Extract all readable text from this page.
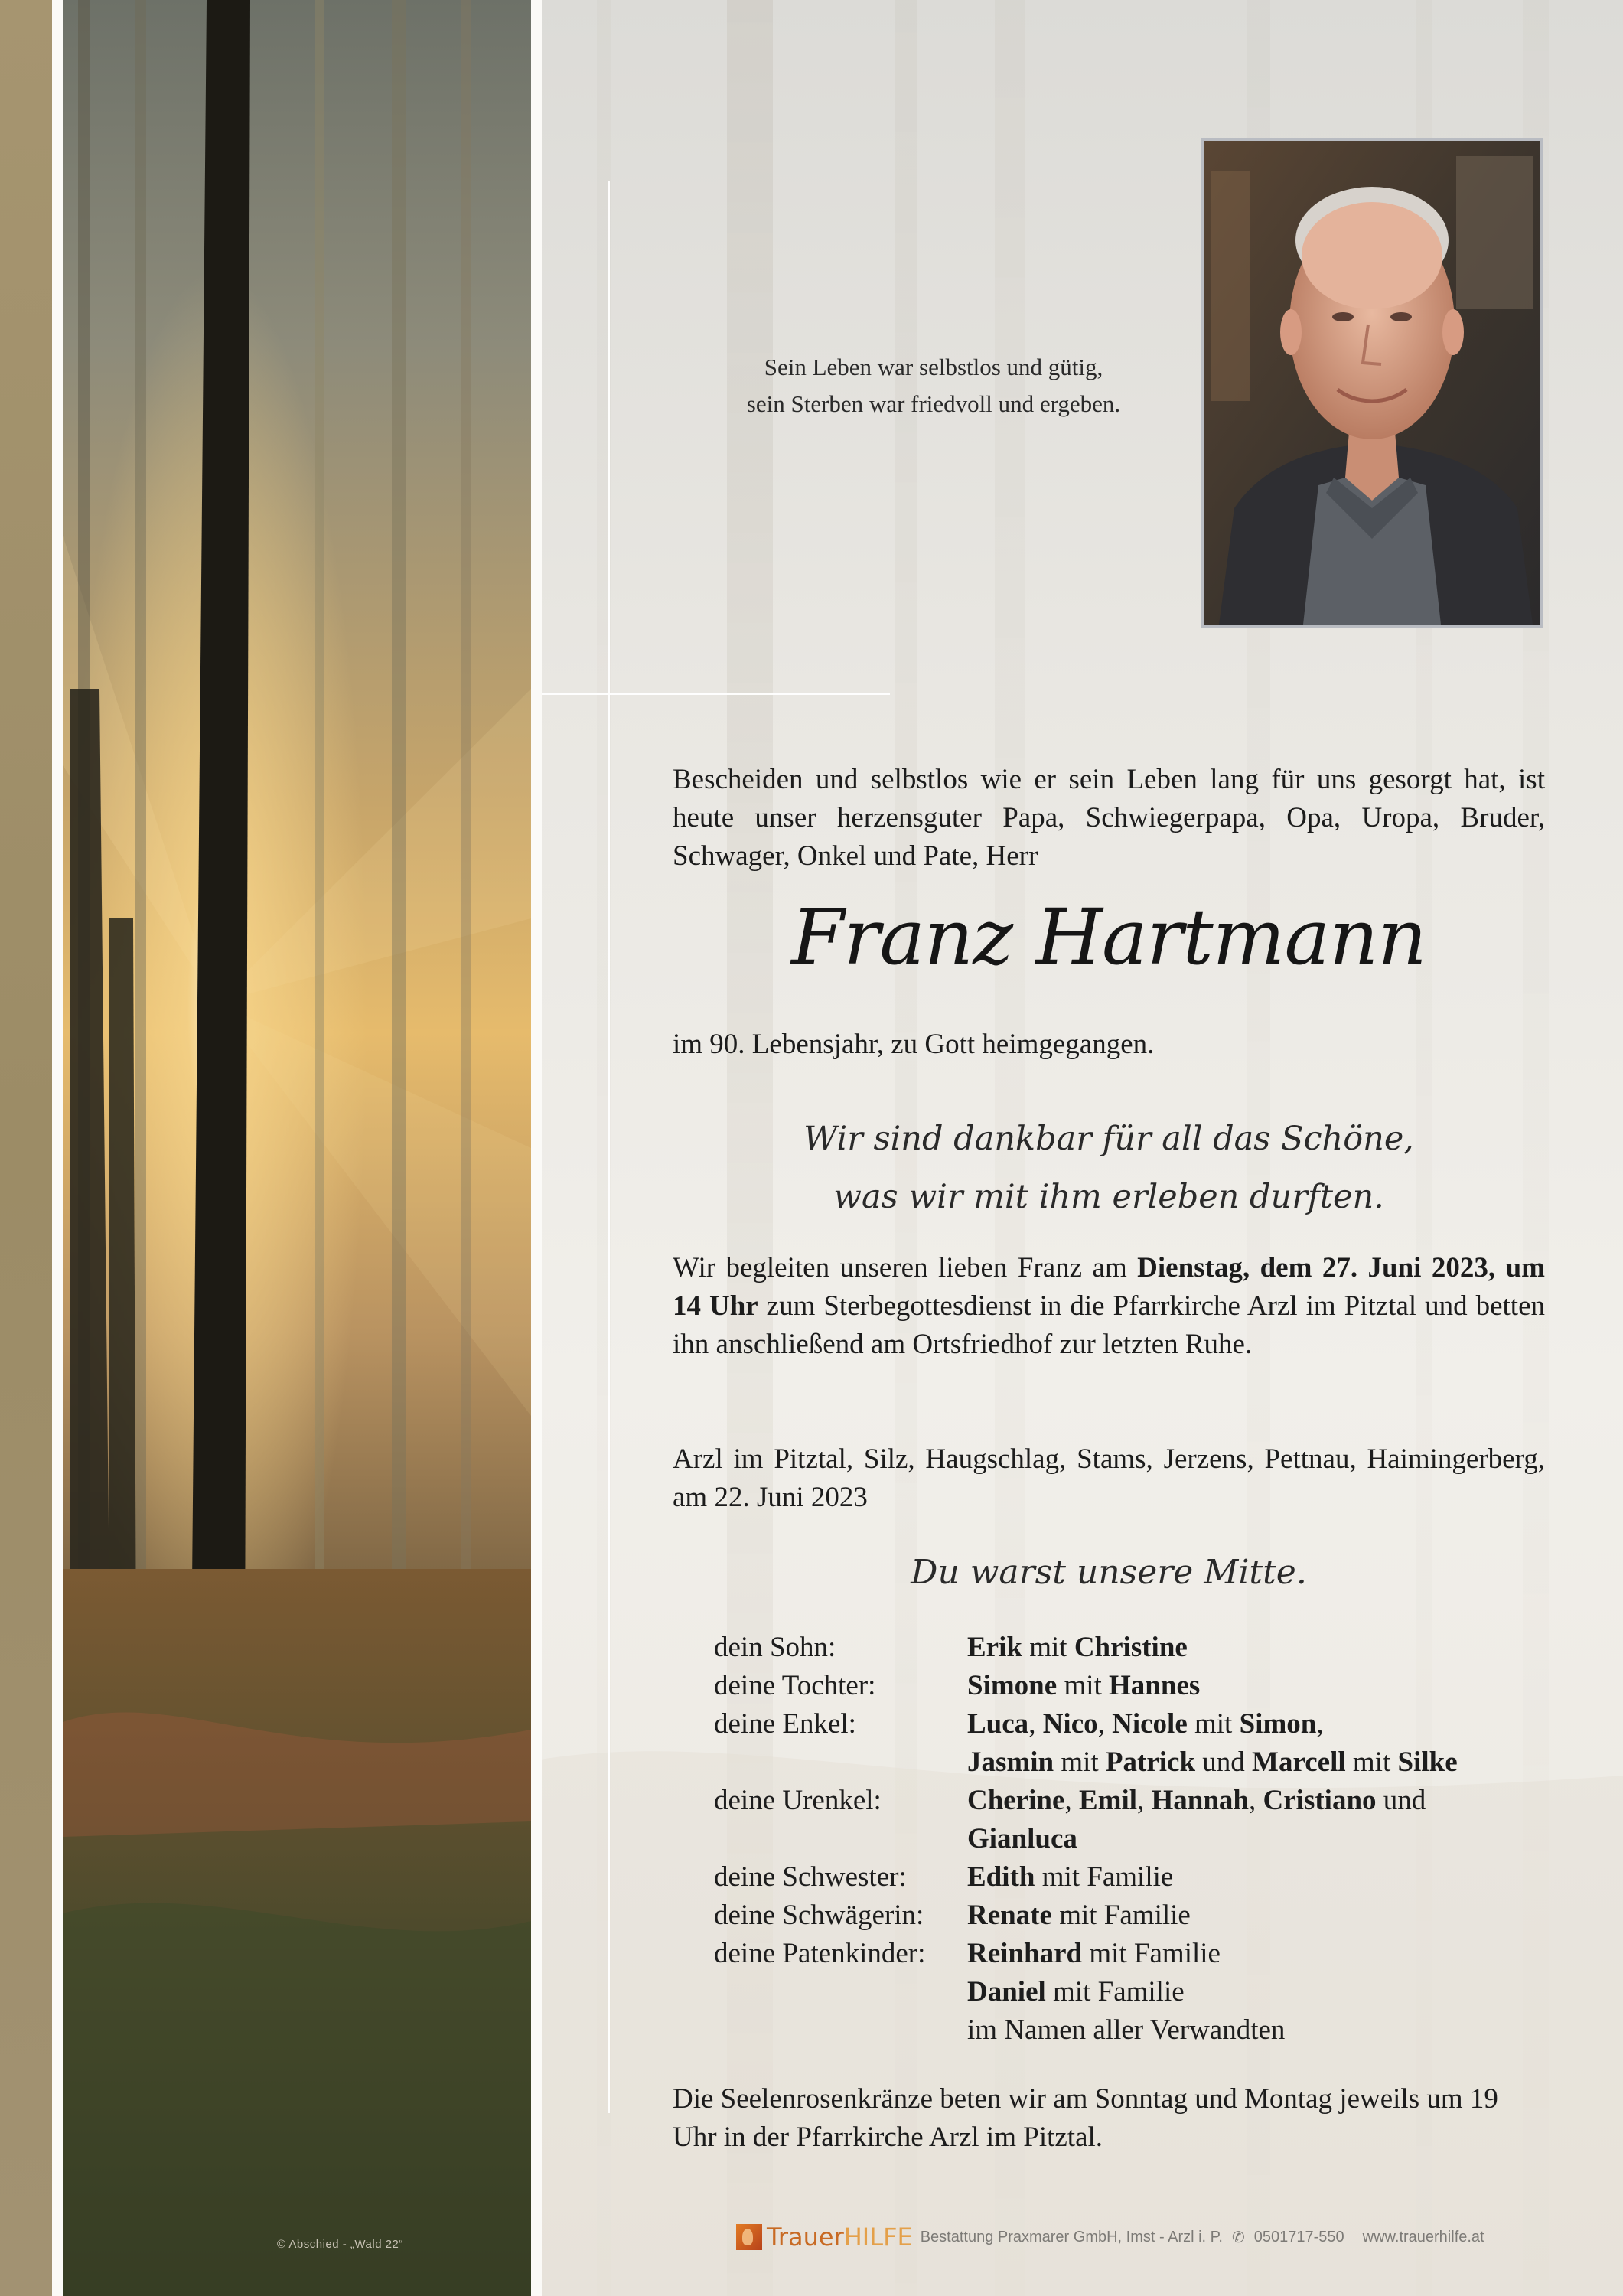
© Abschied - „Wald 22“
Sein Leben war selbstlos und gütig,
sein Sterben war friedvoll und ergeben.
Bescheiden und selbstlos wie er sein Leben lang für uns gesorgt hat, ist heute unser herzensguter Papa, Schwiegerpapa, Opa, Uropa, Bruder, Schwager, Onkel und Pate, Herr
Franz Hartmann
im 90. Lebensjahr, zu Gott heimgegangen.
Wir sind dankbar für all das Schöne,
was wir mit ihm erleben durften.
Wir begleiten unseren lieben Franz am Dienstag, dem 27. Juni 2023, um 14 Uhr zum Sterbegottesdienst in die Pfarrkirche Arzl im Pitztal und betten ihn anschließend am Ortsfriedhof zur letzten Ruhe.
Arzl im Pitztal, Silz, Haugschlag, Stams, Jerzens, Pettnau, Haimingerberg, am 22. Juni 2023
Du warst unsere Mitte.
dein Sohn:	Erik mit Christine
deine Tochter:	Simone mit Hannes
deine Enkel:	Luca, Nico, Nicole mit Simon,
Jasmin mit Patrick und Marcell mit Silke
deine Urenkel:	Cherine, Emil, Hannah, Cristiano und
Gianluca
deine Schwester:	Edith mit Familie
deine Schwägerin:	Renate mit Familie
deine Patenkinder:	Reinhard mit Familie
Daniel mit Familie
im Namen aller Verwandten
Die Seelenrosenkränze beten wir am Sonntag und Montag jeweils um 19 Uhr in der Pfarrkirche Arzl im Pitztal.
Trauer HILFE Bestattung Praxmarer GmbH, Imst - Arzl i. P. ✆ 0501717-550 www.trauerhilfe.at
